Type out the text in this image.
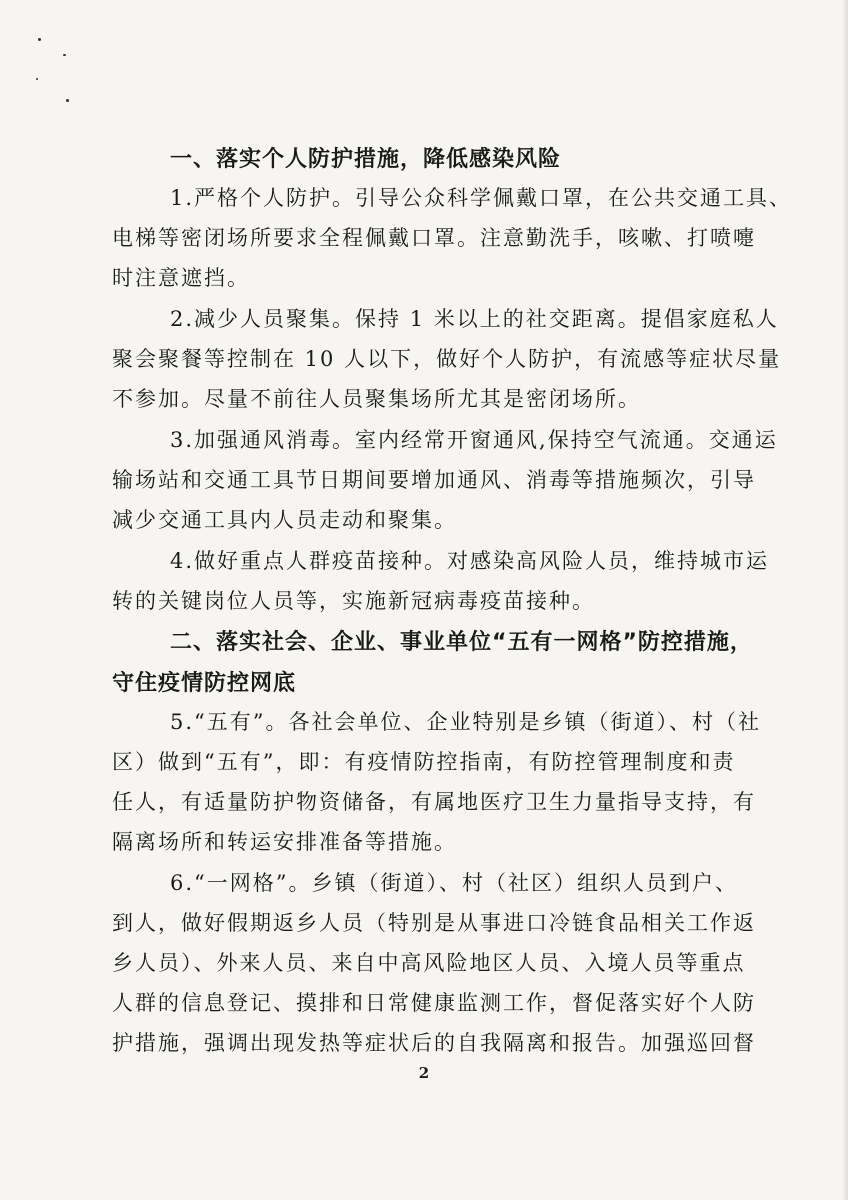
一、落实个人防护措施，降低感染风险

1.严格个人防护。引导公众科学佩戴口罩，在公共交通工具、

电梯等密闭场所要求全程佩戴口罩。注意勤洗手，咳嗽、打喷嚏

时注意遮挡。

2.减少人员聚集。保持 1 米以上的社交距离。提倡家庭私人

聚会聚餐等控制在 10 人以下，做好个人防护，有流感等症状尽量

不参加。尽量不前往人员聚集场所尤其是密闭场所。

3.加强通风消毒。室内经常开窗通风,保持空气流通。交通运

输场站和交通工具节日期间要增加通风、消毒等措施频次，引导

减少交通工具内人员走动和聚集。

4.做好重点人群疫苗接种。对感染高风险人员，维持城市运

转的关键岗位人员等，实施新冠病毒疫苗接种。

二、落实社会、企业、事业单位“五有一网格”防控措施，
守住疫情防控网底

5.“五有”。各社会单位、企业特别是乡镇（街道）、村（社

区）做到“五有”，即：有疫情防控指南，有防控管理制度和责

任人，有适量防护物资储备，有属地医疗卫生力量指导支持，有

隔离场所和转运安排准备等措施。

6.“一网格”。乡镇（街道）、村（社区）组织人员到户、

到人，做好假期返乡人员（特别是从事进口冷链食品相关工作返

乡人员）、外来人员、来自中高风险地区人员、入境人员等重点

人群的信息登记、摸排和日常健康监测工作，督促落实好个人防

护措施，强调出现发热等症状后的自我隔离和报告。加强巡回督

2
